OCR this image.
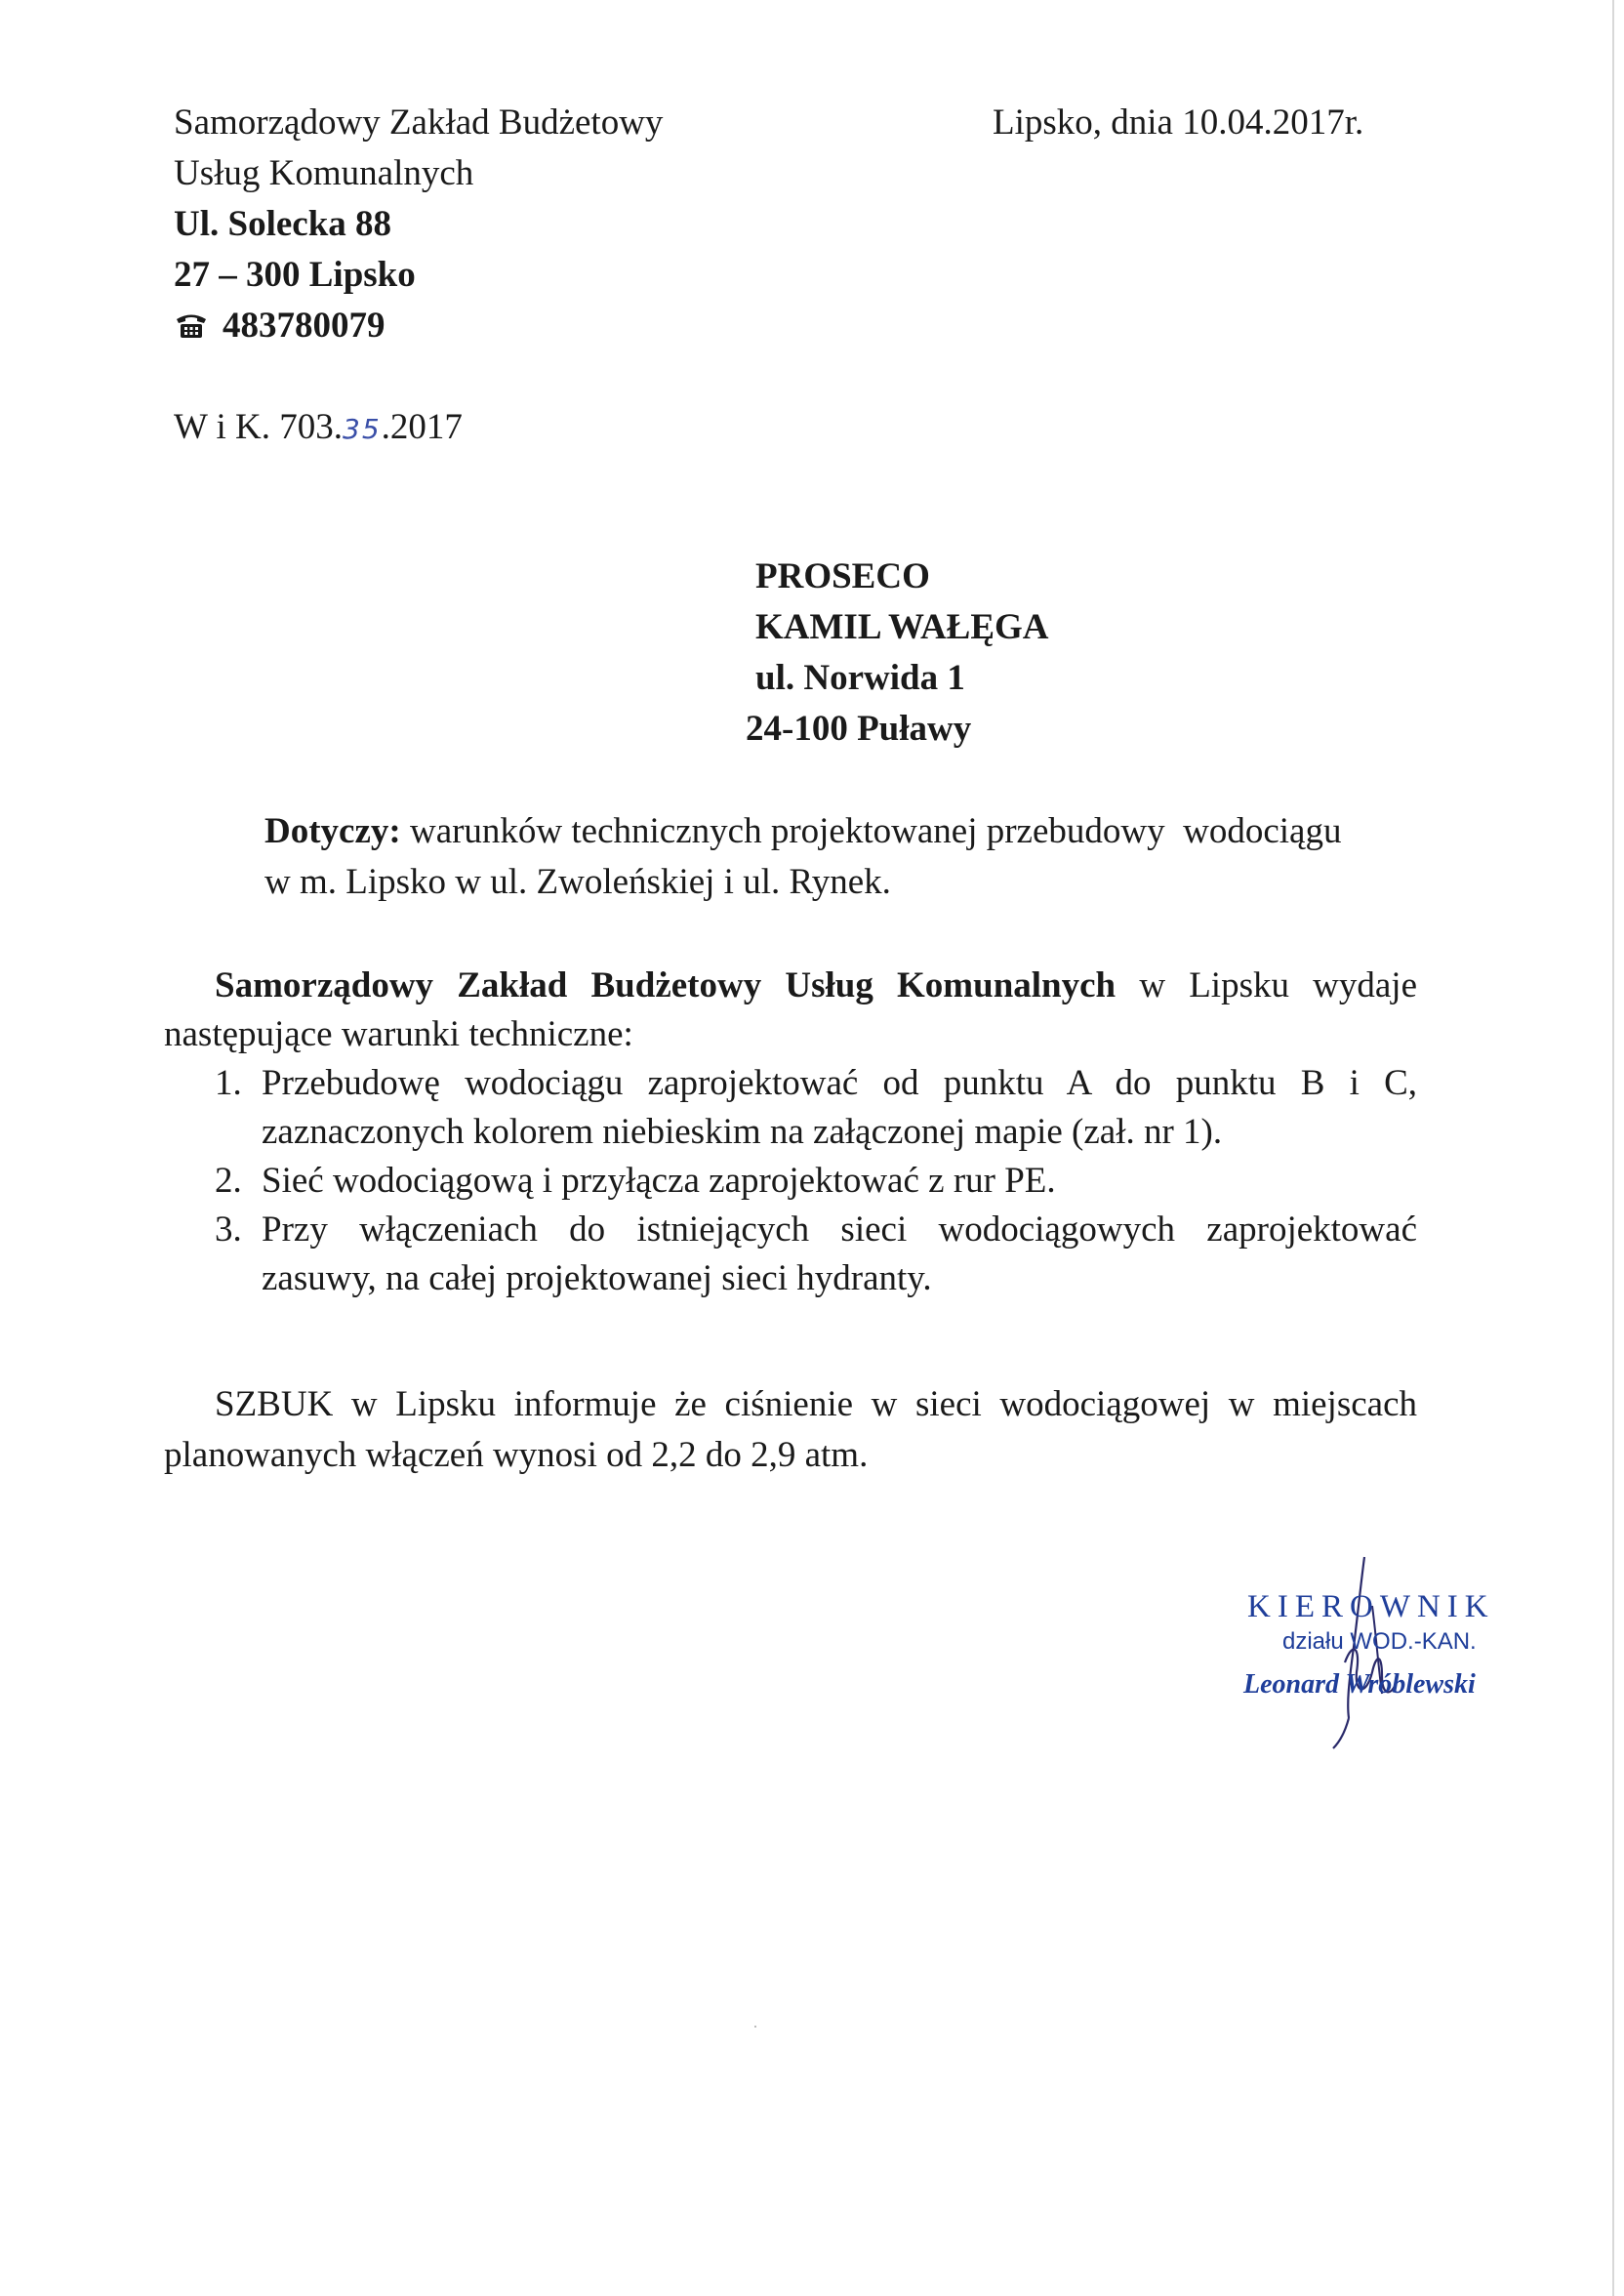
Samorządowy Zakład Budżetowy
Usług Komunalnych
Ul. Solecka 88
27 – 300 Lipsko
483780079
Lipsko, dnia 10.04.2017r.
W i K. 703.35.2017
PROSECO
KAMIL WAŁĘGA
ul. Norwida 1
24-100 Puławy
Dotyczy: warunków technicznych projektowanej przebudowy  wodociągu
w m. Lipsko w ul. Zwoleńskiej i ul. Rynek.
Samorządowy Zakład Budżetowy Usług Komunalnych w Lipsku wydaje
następujące warunki techniczne:
1. Przebudowę wodociągu zaprojektować od punktu A do punktu B i C,
zaznaczonych kolorem niebieskim na załączonej mapie (zał. nr 1).
2. Sieć wodociągową i przyłącza zaprojektować z rur PE.
3. Przy włączeniach do istniejących sieci wodociągowych zaprojektować
zasuwy, na całej projektowanej sieci hydranty.
SZBUK w Lipsku informuje że ciśnienie w sieci wodociągowej w miejscach
planowanych włączeń wynosi od 2,2 do 2,9 atm.
KIEROWNIK
działu WOD.-KAN.
Leonard Wróblewski
